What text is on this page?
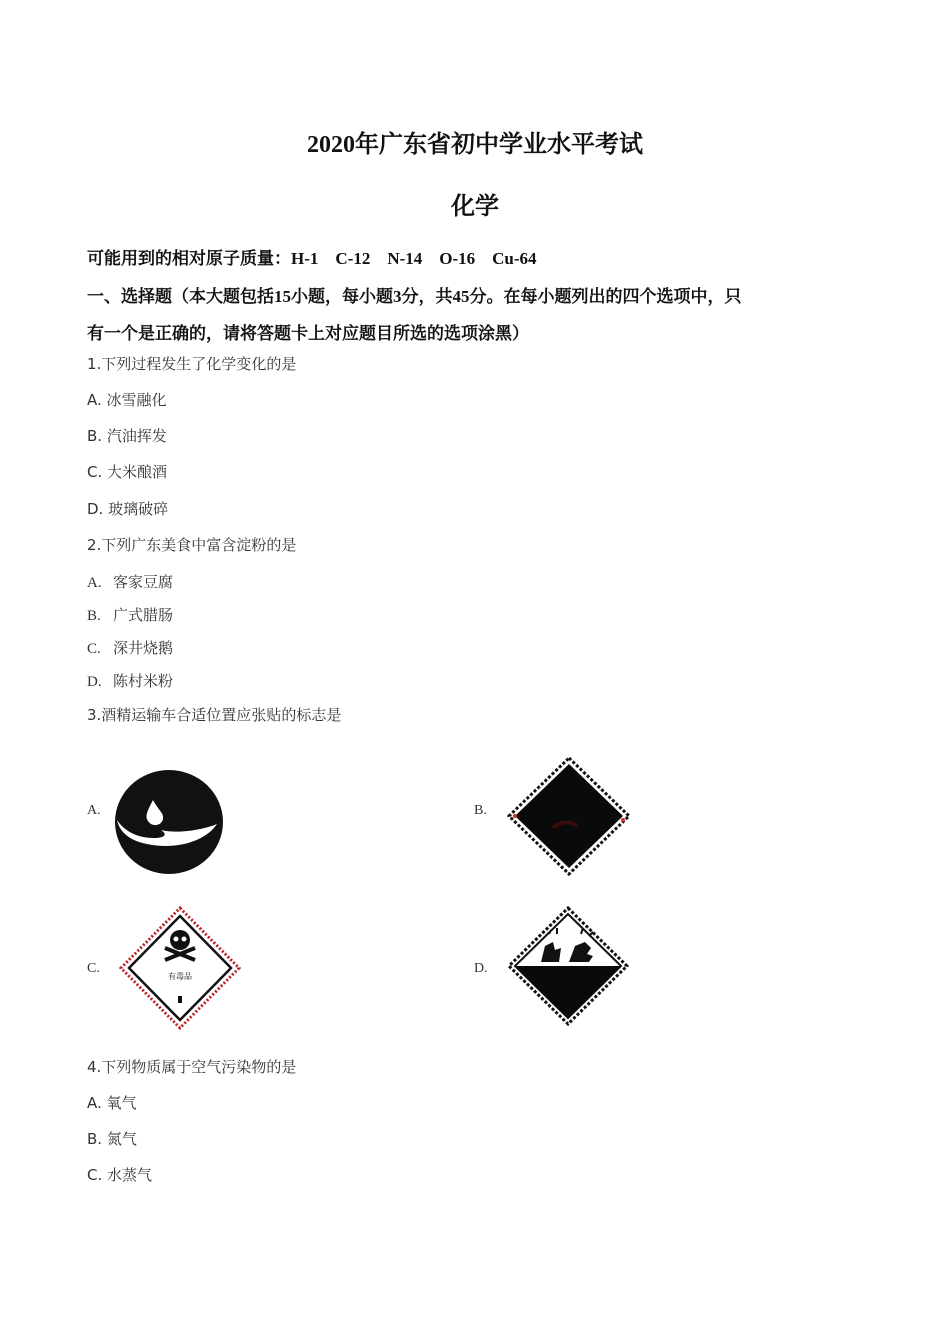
2020年广东省初中学业水平考试
化学
可能用到的相对原子质量：H-1　C-12　N-14　O-16　Cu-64
一、选择题（本大题包括15小题，每小题3分，共45分。在每小题列出的四个选项中，只
有一个是正确的，请将答题卡上对应题目所选的选项涂黑）
1.下列过程发生了化学变化的是
A. 冰雪融化
B. 汽油挥发
C. 大米酿酒
D. 玻璃破碎
2.下列广东美食中富含淀粉的是
A. 客家豆腐
B. 广式腊肠
C. 深井烧鹅
D. 陈村米粉
3.酒精运输车合适位置应张贴的标志是
A.	B.
C.
有毒品
D.
4.下列物质属于空气污染物的是
A. 氧气
B. 氮气
C. 水蒸气
